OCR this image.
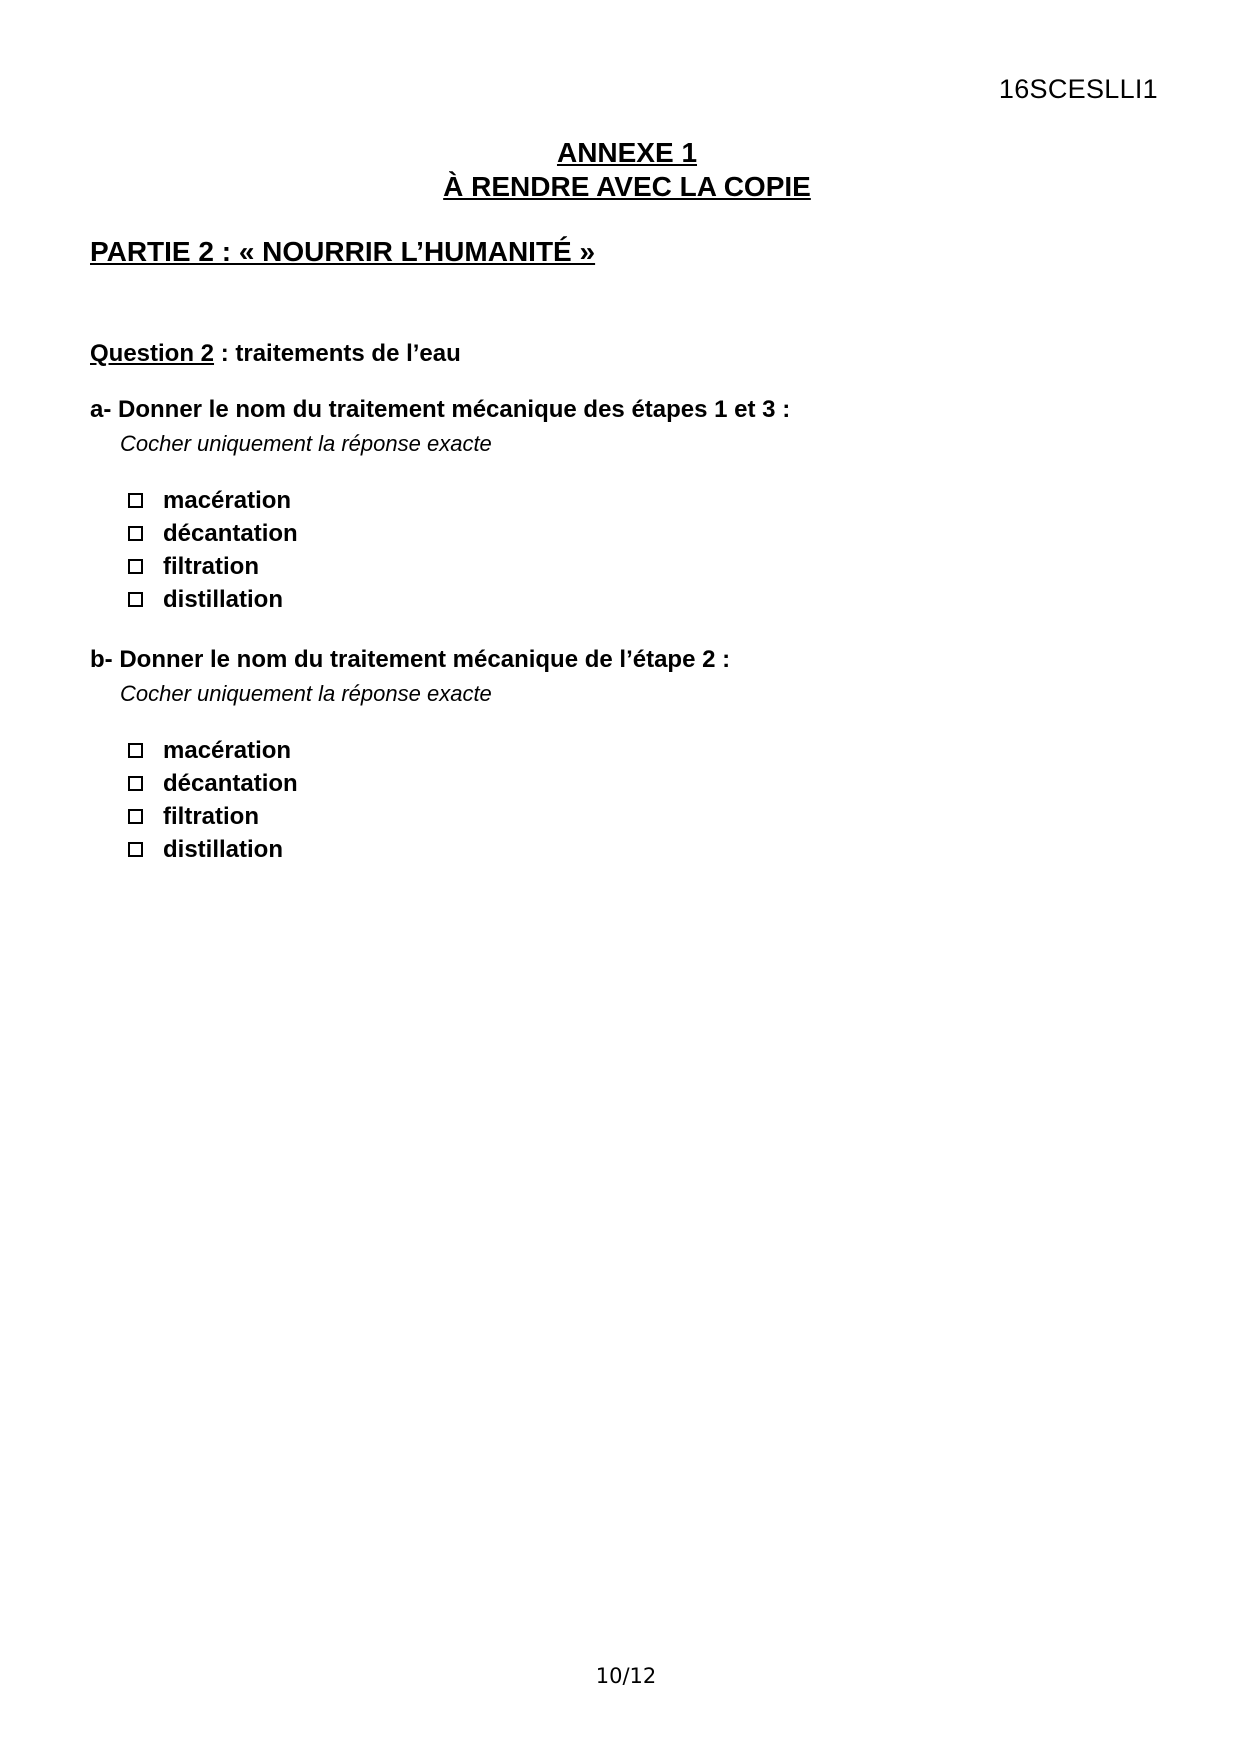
16SCESLLI1
ANNEXE 1
À RENDRE AVEC LA COPIE
PARTIE 2 : « NOURRIR L’HUMANITÉ »
Question 2 : traitements de l’eau
a- Donner le nom du traitement mécanique des étapes 1 et 3 :
Cocher uniquement la réponse exacte
macération
décantation
filtration
distillation
b- Donner le nom du traitement mécanique de l’étape 2 :
Cocher uniquement la réponse exacte
macération
décantation
filtration
distillation
10/12
